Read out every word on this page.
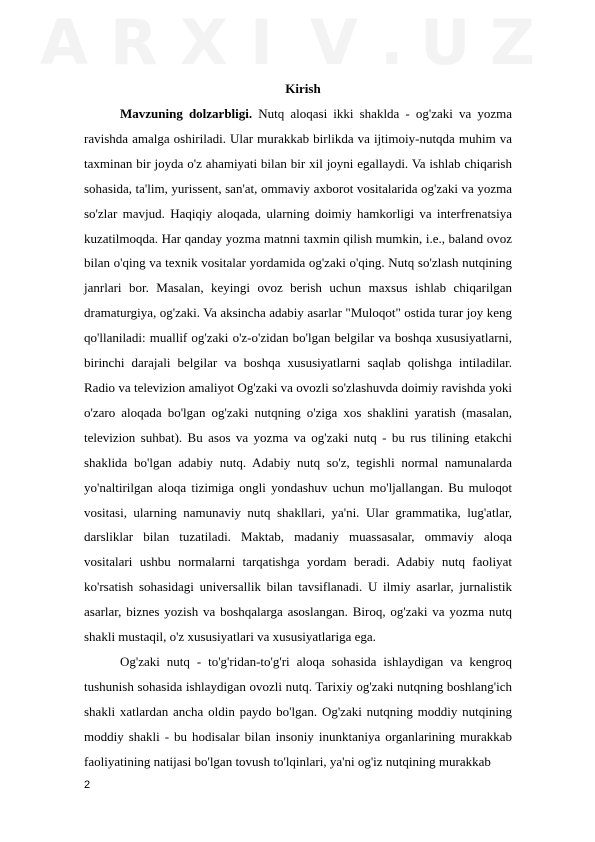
A R X I V . U Z
Kirish

Mavzuning dolzarbligi. Nutq aloqasi ikki shaklda - og'zaki va yozma ravishda amalga oshiriladi. Ular murakkab birlikda va ijtimoiy-nutqda muhim va taxminan bir joyda o'z ahamiyati bilan bir xil joyni egallaydi. Va ishlab chiqarish sohasida, ta'lim, yurissent, san'at, ommaviy axborot vositalarida og'zaki va yozma so'zlar mavjud. Haqiqiy aloqada, ularning doimiy hamkorligi va interfrenatsiya kuzatilmoqda. Har qanday yozma matnni taxmin qilish mumkin, i.e., baland ovoz bilan o'qing va texnik vositalar yordamida og'zaki o'qing. Nutq so'zlash nutqining janrlari bor. Masalan, keyingi ovoz berish uchun maxsus ishlab chiqarilgan dramaturgiya, og'zaki. Va aksincha adabiy asarlar "Muloqot" ostida turar joy keng qo'llaniladi: muallif og'zaki o'z-o'zidan bo'lgan belgilar va boshqa xususiyatlarni, birinchi darajali belgilar va boshqa xususiyatlarni saqlab qolishga intiladilar. Radio va televizion amaliyot Og'zaki va ovozli so'zlashuvda doimiy ravishda yoki o'zaro aloqada bo'lgan og'zaki nutqning o'ziga xos shaklini yaratish (masalan, televizion suhbat). Bu asos va yozma va og'zaki nutq - bu rus tilining etakchi shaklida bo'lgan adabiy nutq. Adabiy nutq so'z, tegishli normal namunalarda yo'naltirilgan aloqa tizimiga ongli yondashuv uchun mo'ljallangan. Bu muloqot vositasi, ularning namunaviy nutq shakllari, ya'ni. Ular grammatika, lug'atlar, darsliklar bilan tuzatiladi. Maktab, madaniy muassasalar, ommaviy aloqa vositalari ushbu normalarni tarqatishga yordam beradi. Adabiy nutq faoliyat ko'rsatish sohasidagi universallik bilan tavsiflanadi. U ilmiy asarlar, jurnalistik asarlar, biznes yozish va boshqalarga asoslangan. Biroq, og'zaki va yozma nutq shakli mustaqil, o'z xususiyatlari va xususiyatlariga ega.

Og'zaki nutq - to'g'ridan-to'g'ri aloqa sohasida ishlaydigan va kengroq tushunish sohasida ishlaydigan ovozli nutq. Tarixiy og'zaki nutqning boshlang'ich shakli xatlardan ancha oldin paydo bo'lgan. Og'zaki nutqning moddiy nutqining moddiy shakli - bu hodisalar bilan insoniy inunktaniya organlarining murakkab faoliyatining natijasi bo'lgan tovush to'lqinlari, ya'ni og'iz nutqining murakkab

2
